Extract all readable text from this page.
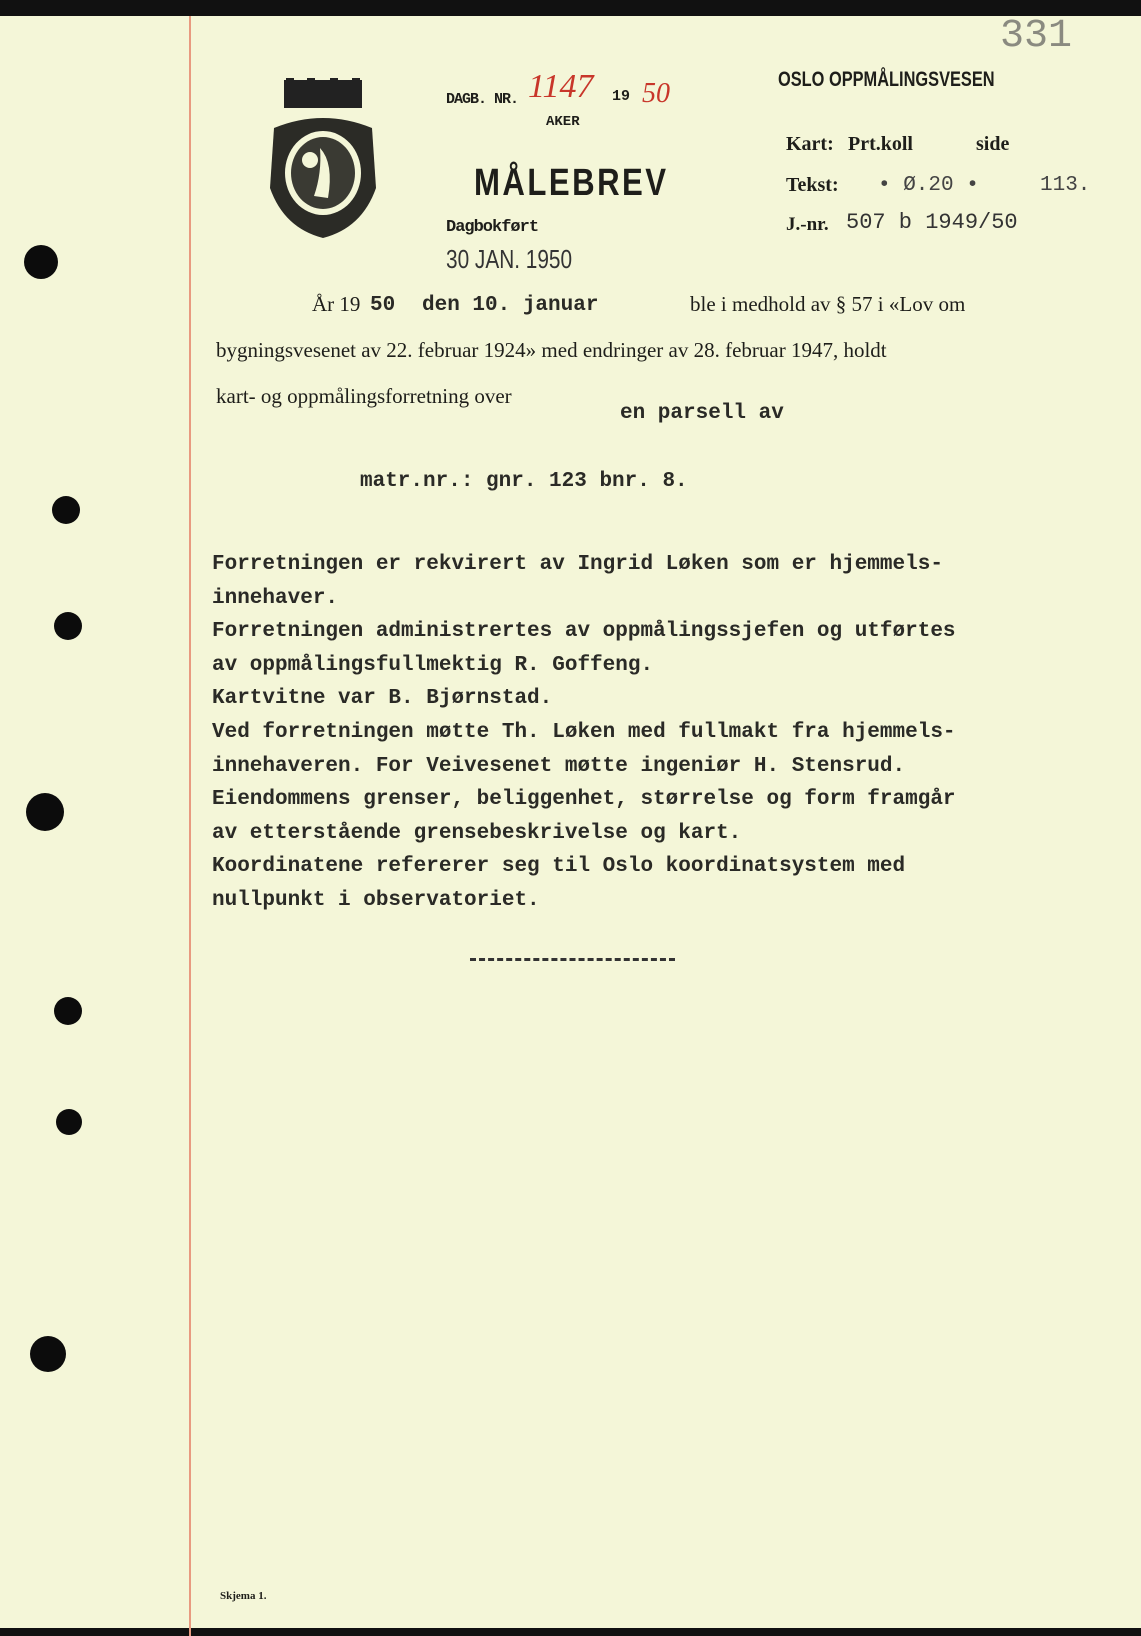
331
DAGB. NR. 1147 19 50
AKER
MÅLEBREV
Dagbokført
30 JAN. 1950
OSLO OPPMÅLINGSVESEN
Kart: Prt.koll	side
Tekst: • Ø.20 •	113.
J.-nr. 507 b 1949/50
År 19 50 den 10. januar	ble i medhold av § 57 i «Lov om
bygningsvesenet av 22. februar 1924» med endringer av 28. februar 1947, holdt
kart- og oppmålingsforretning over
en parsell av
matr.nr.: gnr. 123 bnr. 8.
Forretningen er rekvirert av Ingrid Løken som er hjemmels-
innehaver.
Forretningen administrertes av oppmålingssjefen og utførtes
av oppmålingsfullmektig R. Goffeng.
Kartvitne var B. Bjørnstad.
Ved forretningen møtte Th. Løken med fullmakt fra hjemmels-
innehaveren. For Veivesenet møtte ingeniør H. Stensrud.
Eiendommens grenser, beliggenhet, størrelse og form framgår
av etterstående grensebeskrivelse og kart.
Koordinatene refererer seg til Oslo koordinatsystem med
nullpunkt i observatoriet.
Skjema 1.
